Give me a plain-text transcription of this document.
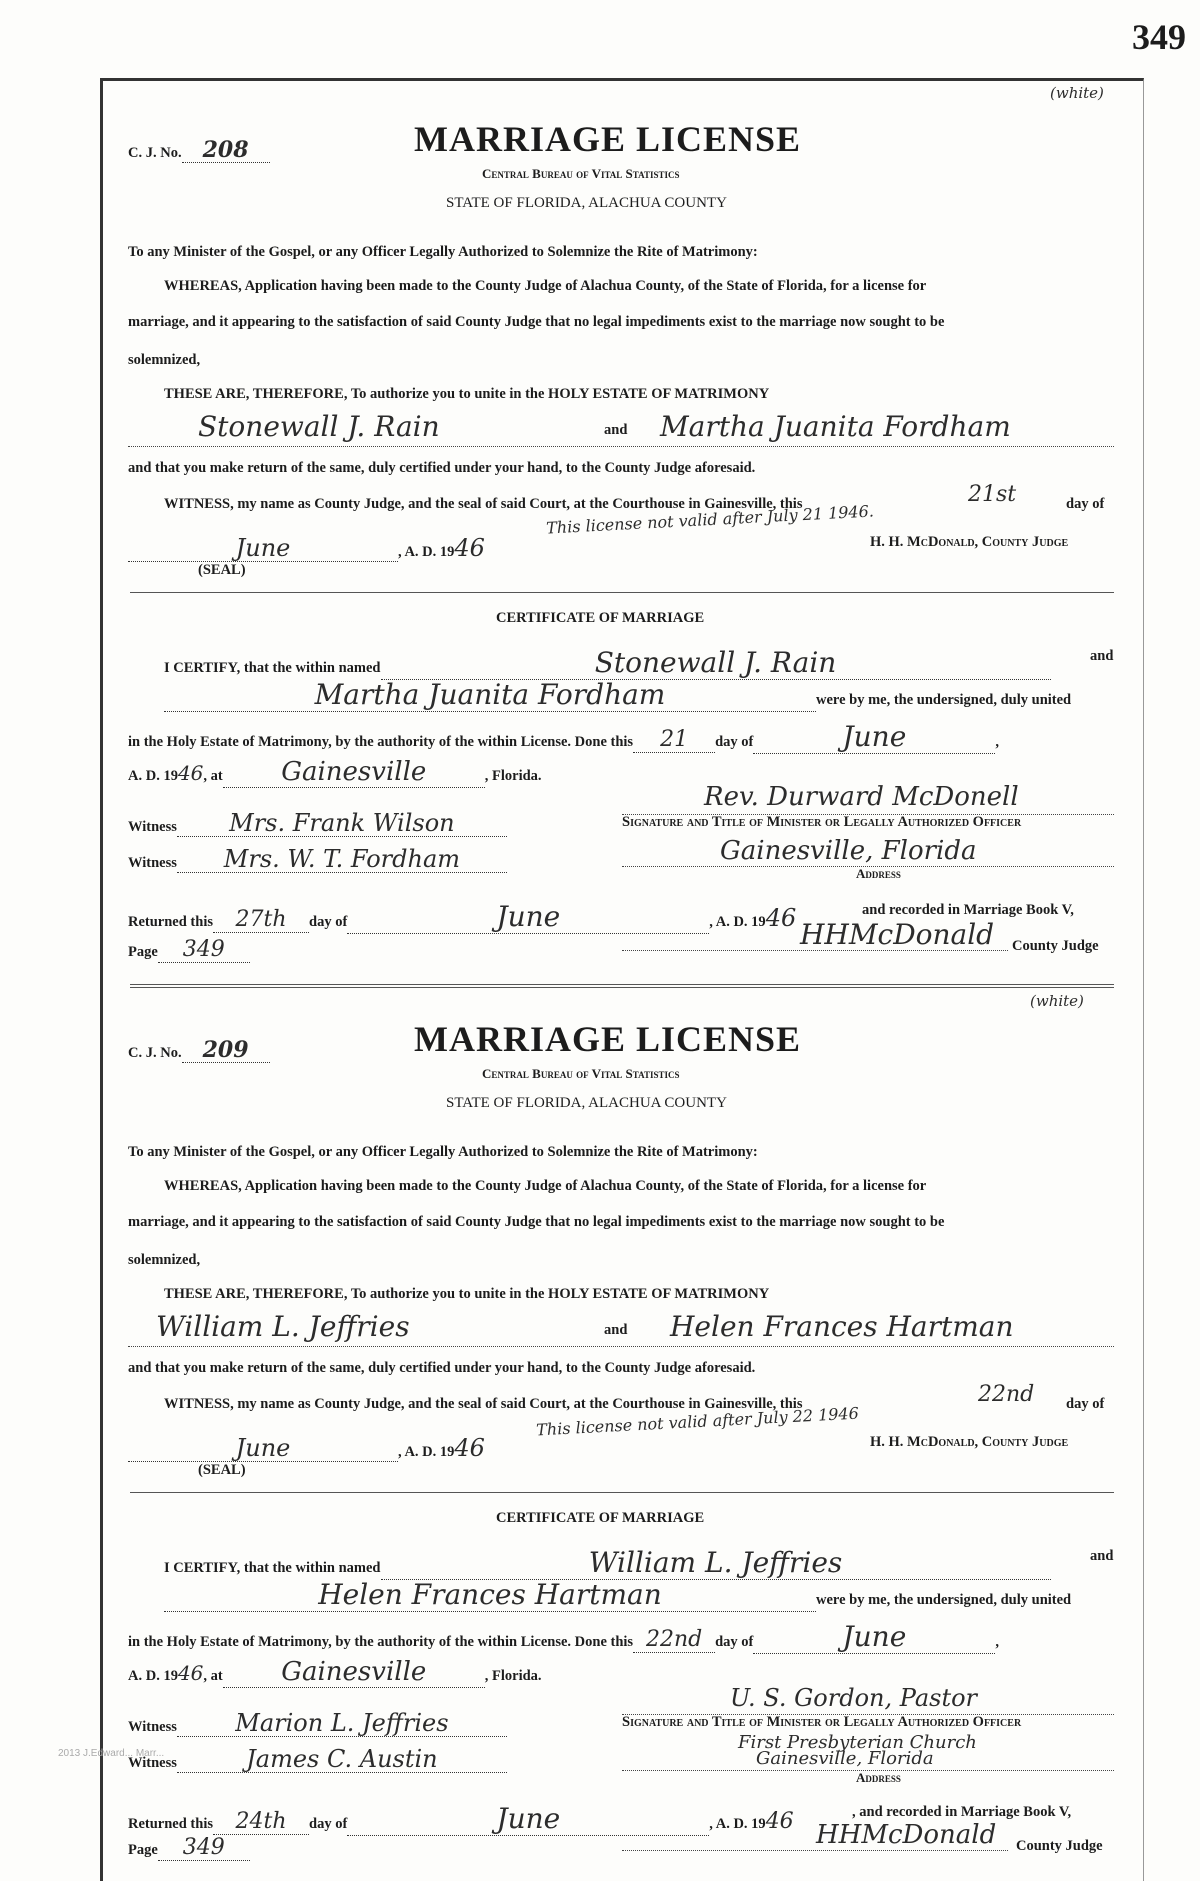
349
(white)
C. J. No. 208	MARRIAGE LICENSE
Central Bureau of Vital Statistics
STATE OF FLORIDA, ALACHUA COUNTY
To any Minister of the Gospel, or any Officer Legally Authorized to Solemnize the Rite of Matrimony:
WHEREAS, Application having been made to the County Judge of Alachua County, of the State of Florida, for a license for
marriage, and it appearing to the satisfaction of said County Judge that no legal impediments exist to the marriage now sought to be
solemnized,
THESE ARE, THEREFORE, To authorize you to unite in the HOLY ESTATE OF MATRIMONY
Stonewall J. Rain	and Martha Juanita Fordham
and that you make return of the same, duly certified under your hand, to the County Judge aforesaid.
WITNESS, my name as County Judge, and the seal of said Court, at the Courthouse in Gainesville, this	21st	day of
This license not valid after July 21 1946.
June	, A. D. 1946	H. H. McDonald, County Judge
(SEAL)
CERTIFICATE OF MARRIAGE
I CERTIFY, that the within named	Stonewall J. Rain	and
Martha Juanita Fordham	were by me, the undersigned, duly united
in the Holy Estate of Matrimony, by the authority of the within License. Done this 21 day of	June	,
A. D. 1946, at Gainesville	, Florida.
Rev. Durward McDonell
Signature and Title of Minister or Legally Authorized Officer
Witness Mrs. Frank Wilson
Witness Mrs. W. T. Fordham	Gainesville, Florida
Address
Returned this 27th day of	June	, A. D. 1946	and recorded in Marriage Book V,
Page 349	HHMcDonald County Judge
(white)
C. J. No. 209	MARRIAGE LICENSE
Central Bureau of Vital Statistics
STATE OF FLORIDA, ALACHUA COUNTY
To any Minister of the Gospel, or any Officer Legally Authorized to Solemnize the Rite of Matrimony:
WHEREAS, Application having been made to the County Judge of Alachua County, of the State of Florida, for a license for
marriage, and it appearing to the satisfaction of said County Judge that no legal impediments exist to the marriage now sought to be
solemnized,
THESE ARE, THEREFORE, To authorize you to unite in the HOLY ESTATE OF MATRIMONY
William L. Jeffries	and Helen Frances Hartman
and that you make return of the same, duly certified under your hand, to the County Judge aforesaid.
WITNESS, my name as County Judge, and the seal of said Court, at the Courthouse in Gainesville, this	22nd day of
This license not valid after July 22 1946
June	, A. D. 1946	H. H. McDonald, County Judge
(SEAL)
CERTIFICATE OF MARRIAGE
I CERTIFY, that the within named	William L. Jeffries	and
Helen Frances Hartman	were by me, the undersigned, duly united
in the Holy Estate of Matrimony, by the authority of the within License. Done this 22nd day of	June	,
A. D. 1946, at Gainesville	, Florida.
U. S. Gordon, Pastor
Signature and Title of Minister or Legally Authorized Officer
First Presbyterian Church
Witness Marion L. Jeffries
Witness	James C. Austin	Gainesville, Florida
Address
Returned this 24th day of	June	, A. D. 1946	, and recorded in Marriage Book V,
Page 349	HHMcDonald County Judge
2013 J.Edward... Marr...
